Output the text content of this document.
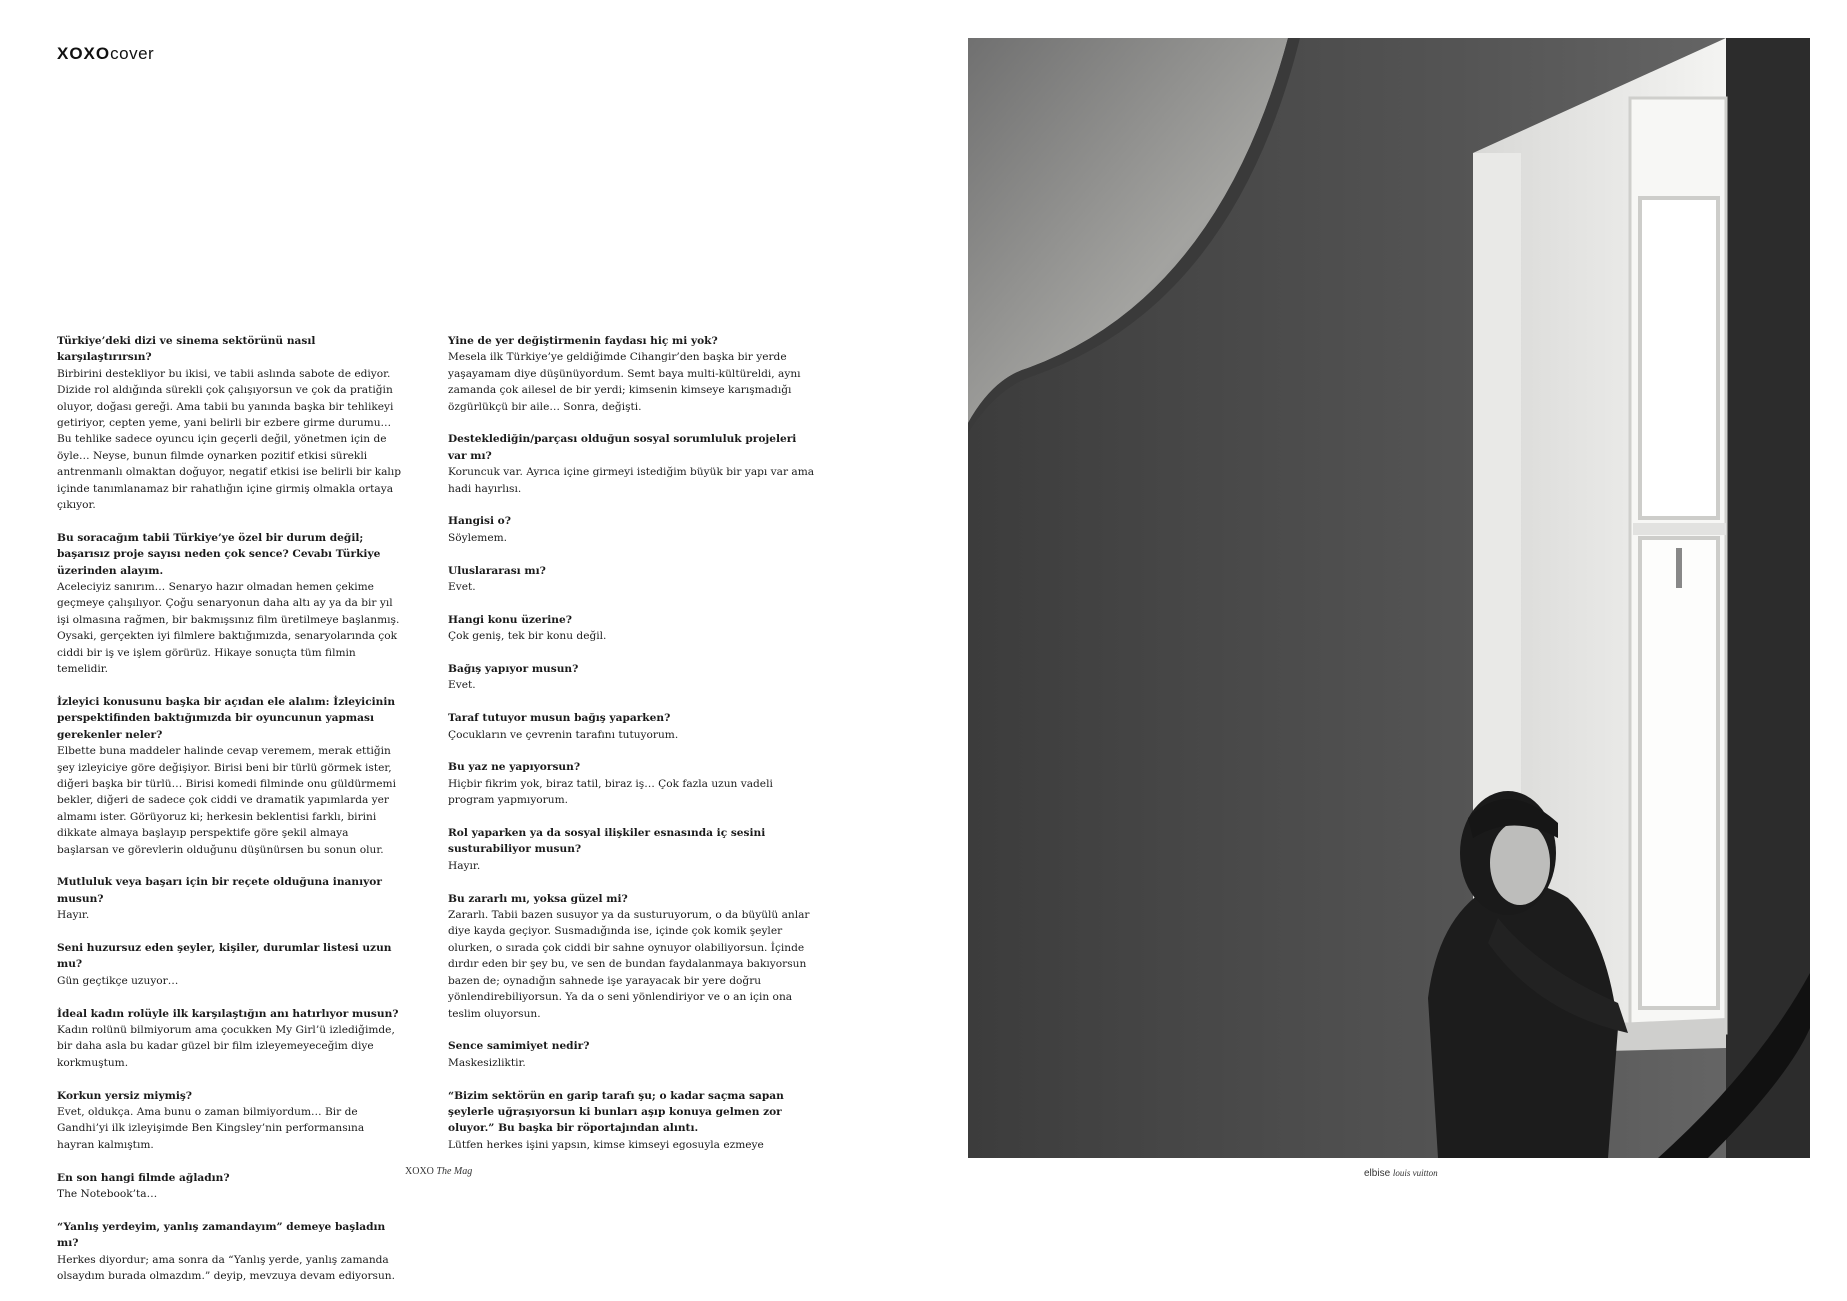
XOXOcover

Türkiye’deki dizi ve sinema sektörünü nasıl karşılaştırırsın?

Birbirini destekliyor bu ikisi, ve tabii aslında sabote de ediyor. Dizide rol aldığında sürekli çok çalışıyorsun ve çok da pratiğin oluyor, doğası gereği. Ama tabii bu yanında başka bir tehlikeyi getiriyor, cepten yeme, yani belirli bir ezbere girme durumu… Bu tehlike sadece oyuncu için geçerli değil, yönetmen için de öyle… Neyse, bunun filmde oynarken pozitif etkisi sürekli antrenmanlı olmaktan doğuyor, negatif etkisi ise belirli bir kalıp içinde tanımlanamaz bir rahatlığın içine girmiş olmakla ortaya çıkıyor.

Bu soracağım tabii Türkiye’ye özel bir durum değil; başarısız proje sayısı neden çok sence? Cevabı Türkiye üzerinden alayım.

Aceleciyiz sanırım… Senaryo hazır olmadan hemen çekime geçmeye çalışılıyor. Çoğu senaryonun daha altı ay ya da bir yıl işi olmasına rağmen, bir bakmışsınız film üretilmeye başlanmış. Oysaki, gerçekten iyi filmlere baktığımızda, senaryolarında çok ciddi bir iş ve işlem görürüz. Hikaye sonuçta tüm filmin temelidir.

İzleyici konusunu başka bir açıdan ele alalım: İzleyicinin perspektifinden baktığımızda bir oyuncunun yapması gerekenler neler?

Elbette buna maddeler halinde cevap veremem, merak ettiğin şey izleyiciye göre değişiyor. Birisi beni bir türlü görmek ister, diğeri başka bir türlü… Birisi komedi filminde onu güldürmemi bekler, diğeri de sadece çok ciddi ve dramatik yapımlarda yer almamı ister. Görüyoruz ki; herkesin beklentisi farklı, birini dikkate almaya başlayıp perspektife göre şekil almaya başlarsan ve görevlerin olduğunu düşünürsen bu sonun olur.

Mutluluk veya başarı için bir reçete olduğuna inanıyor musun?

Hayır.

Seni huzursuz eden şeyler, kişiler, durumlar listesi uzun mu?

Gün geçtikçe uzuyor…

İdeal kadın rolüyle ilk karşılaştığın anı hatırlıyor musun?

Kadın rolünü bilmiyorum ama çocukken My Girl’ü izlediğimde, bir daha asla bu kadar güzel bir film izleyemeyeceğim diye korkmuştum.

Korkun yersiz miymiş?

Evet, oldukça. Ama bunu o zaman bilmiyordum… Bir de Gandhi’yi ilk izleyişimde Ben Kingsley’nin performansına hayran kalmıştım.

En son hangi filmde ağladın?

The Notebook’ta…

“Yanlış yerdeyim, yanlış zamandayım” demeye başladın mı?

Herkes diyordur; ama sonra da “Yanlış yerde, yanlış zamanda olsaydım burada olmazdım.” deyip, mevzuya devam ediyorsun.

Yine de yer değiştirmenin faydası hiç mi yok?

Mesela ilk Türkiye’ye geldiğimde Cihangir’den başka bir yerde yaşayamam diye düşünüyordum. Semt baya multi-kültüreldi, aynı zamanda çok ailesel de bir yerdi; kimsenin kimseye karışmadığı özgürlükçü bir aile… Sonra, değişti.

Desteklediğin/parçası olduğun sosyal sorumluluk projeleri var mı?

Koruncuk var. Ayrıca içine girmeyi istediğim büyük bir yapı var ama hadi hayırlısı.

Hangisi o?

Söylemem.

Uluslararası mı?

Evet.

Hangi konu üzerine?

Çok geniş, tek bir konu değil.

Bağış yapıyor musun?

Evet.

Taraf tutuyor musun bağış yaparken?

Çocukların ve çevrenin tarafını tutuyorum.

Bu yaz ne yapıyorsun?

Hiçbir fikrim yok, biraz tatil, biraz iş… Çok fazla uzun vadeli program yapmıyorum.

Rol yaparken ya da sosyal ilişkiler esnasında iç sesini susturabiliyor musun?

Hayır.

Bu zararlı mı, yoksa güzel mi?

Zararlı. Tabii bazen susuyor ya da susturuyorum, o da büyülü anlar diye kayda geçiyor. Susmadığında ise, içinde çok komik şeyler olurken, o sırada çok ciddi bir sahne oynuyor olabiliyorsun. İçinde dırdır eden bir şey bu, ve sen de bundan faydalanmaya bakıyorsun bazen de; oynadığın sahnede işe yarayacak bir yere doğru yönlendirebiliyorsun. Ya da o seni yönlendiriyor ve o an için ona teslim oluyorsun.

Sence samimiyet nedir?

Maskesizliktir.

“Bizim sektörün en garip tarafı şu; o kadar saçma sapan şeylerle uğraşıyorsun ki bunları aşıp konuya gelmen zor oluyor.” Bu başka bir röportajından alıntı.

Lütfen herkes işini yapsın, kimse kimseyi egosuyla ezmeye

XOXO The Mag	elbise louis vuitton
